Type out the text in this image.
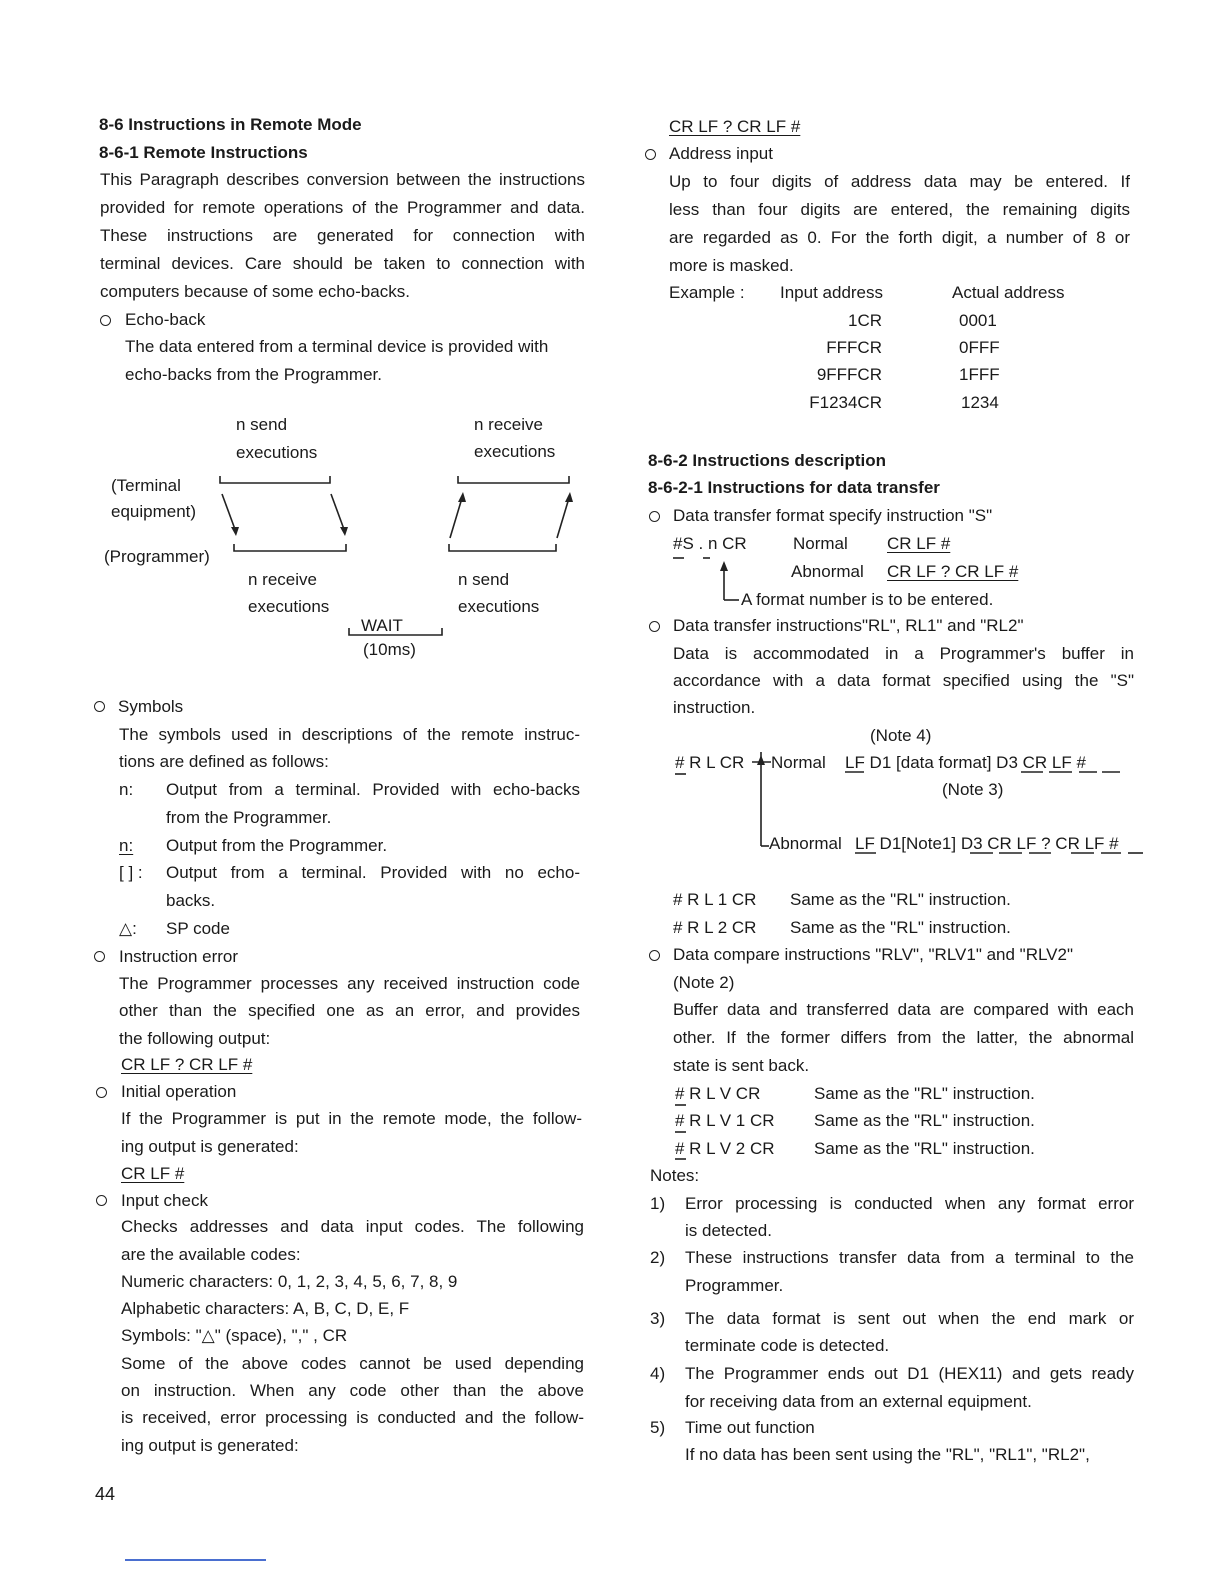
8-6 Instructions in Remote Mode
8-6-1 Remote Instructions
This Paragraph describes conversion between the instructions
provided for remote operations of the Programmer and data.
These instructions are generated for connection with
terminal devices. Care should be taken to connection with
computers because of some echo-backs.
Echo-back
The data entered from a terminal device is provided with
echo-backs from the Programmer.
n send
executions
n receive
executions
(Terminal
equipment)
(Programmer)
n receive
executions
n send
executions
WAIT
(10ms)
Symbols
The symbols used in descriptions of the remote instruc-
tions are defined as follows:
n: Output from a terminal. Provided with echo-backs
from the Programmer.
n: Output from the Programmer.
[ ] : Output from a terminal. Provided with no echo-
backs.
△: SP code
Instruction error
The Programmer processes any received instruction code
other than the specified one as an error, and provides
the following output:
CR LF ? CR LF #
Initial operation
If the Programmer is put in the remote mode, the follow-
ing output is generated:
CR LF #
Input check
Checks addresses and data input codes. The following
are the available codes:
Numeric characters: 0, 1, 2, 3, 4, 5, 6, 7, 8, 9
Alphabetic characters: A, B, C, D, E, F
Symbols: "△" (space), "," , CR
Some of the above codes cannot be used depending
on instruction. When any code other than the above
is received, error processing is conducted and the follow-
ing output is generated:
44
CR LF ? CR LF #
Address input
Up to four digits of address data may be entered. If
less than four digits are entered, the remaining digits
are regarded as 0. For the forth digit, a number of 8 or
more is masked.
Example : Input address	Actual address
1CR	0001
FFFCR	0FFF
9FFFCR	1FFF
F1234CR	1234
8-6-2 Instructions description
8-6-2-1 Instructions for data transfer
Data transfer format specify instruction "S"
#S . n CR	Normal CR LF #
Abnormal CR LF ? CR LF #
A format number is to be entered.
Data transfer instructions"RL", RL1" and "RL2"
Data is accommodated in a Programmer's buffer in
accordance with a data format specified using the "S"
instruction.
(Note 4)
# R L CR Normal LF D1 [data format] D3 CR LF #
(Note 3)
Abnormal LF D1[Note1] D3 CR LF ? CR LF #
# R L 1 CR Same as the "RL" instruction.
# R L 2 CR Same as the "RL" instruction.
Data compare instructions "RLV", "RLV1" and "RLV2"
(Note 2)
Buffer data and transferred data are compared with each
other. If the former differs from the latter, the abnormal
state is sent back.
# R L V CR	Same as the "RL" instruction.
# R L V 1 CR Same as the "RL" instruction.
# R L V 2 CR Same as the "RL" instruction.
Notes:
1) Error processing is conducted when any format error
is detected.
2) These instructions transfer data from a terminal to the
Programmer.
3) The data format is sent out when the end mark or
terminate code is detected.
4) The Programmer ends out D1 (HEX11) and gets ready
for receiving data from an external equipment.
5) Time out function
If no data has been sent using the "RL", "RL1", "RL2",
